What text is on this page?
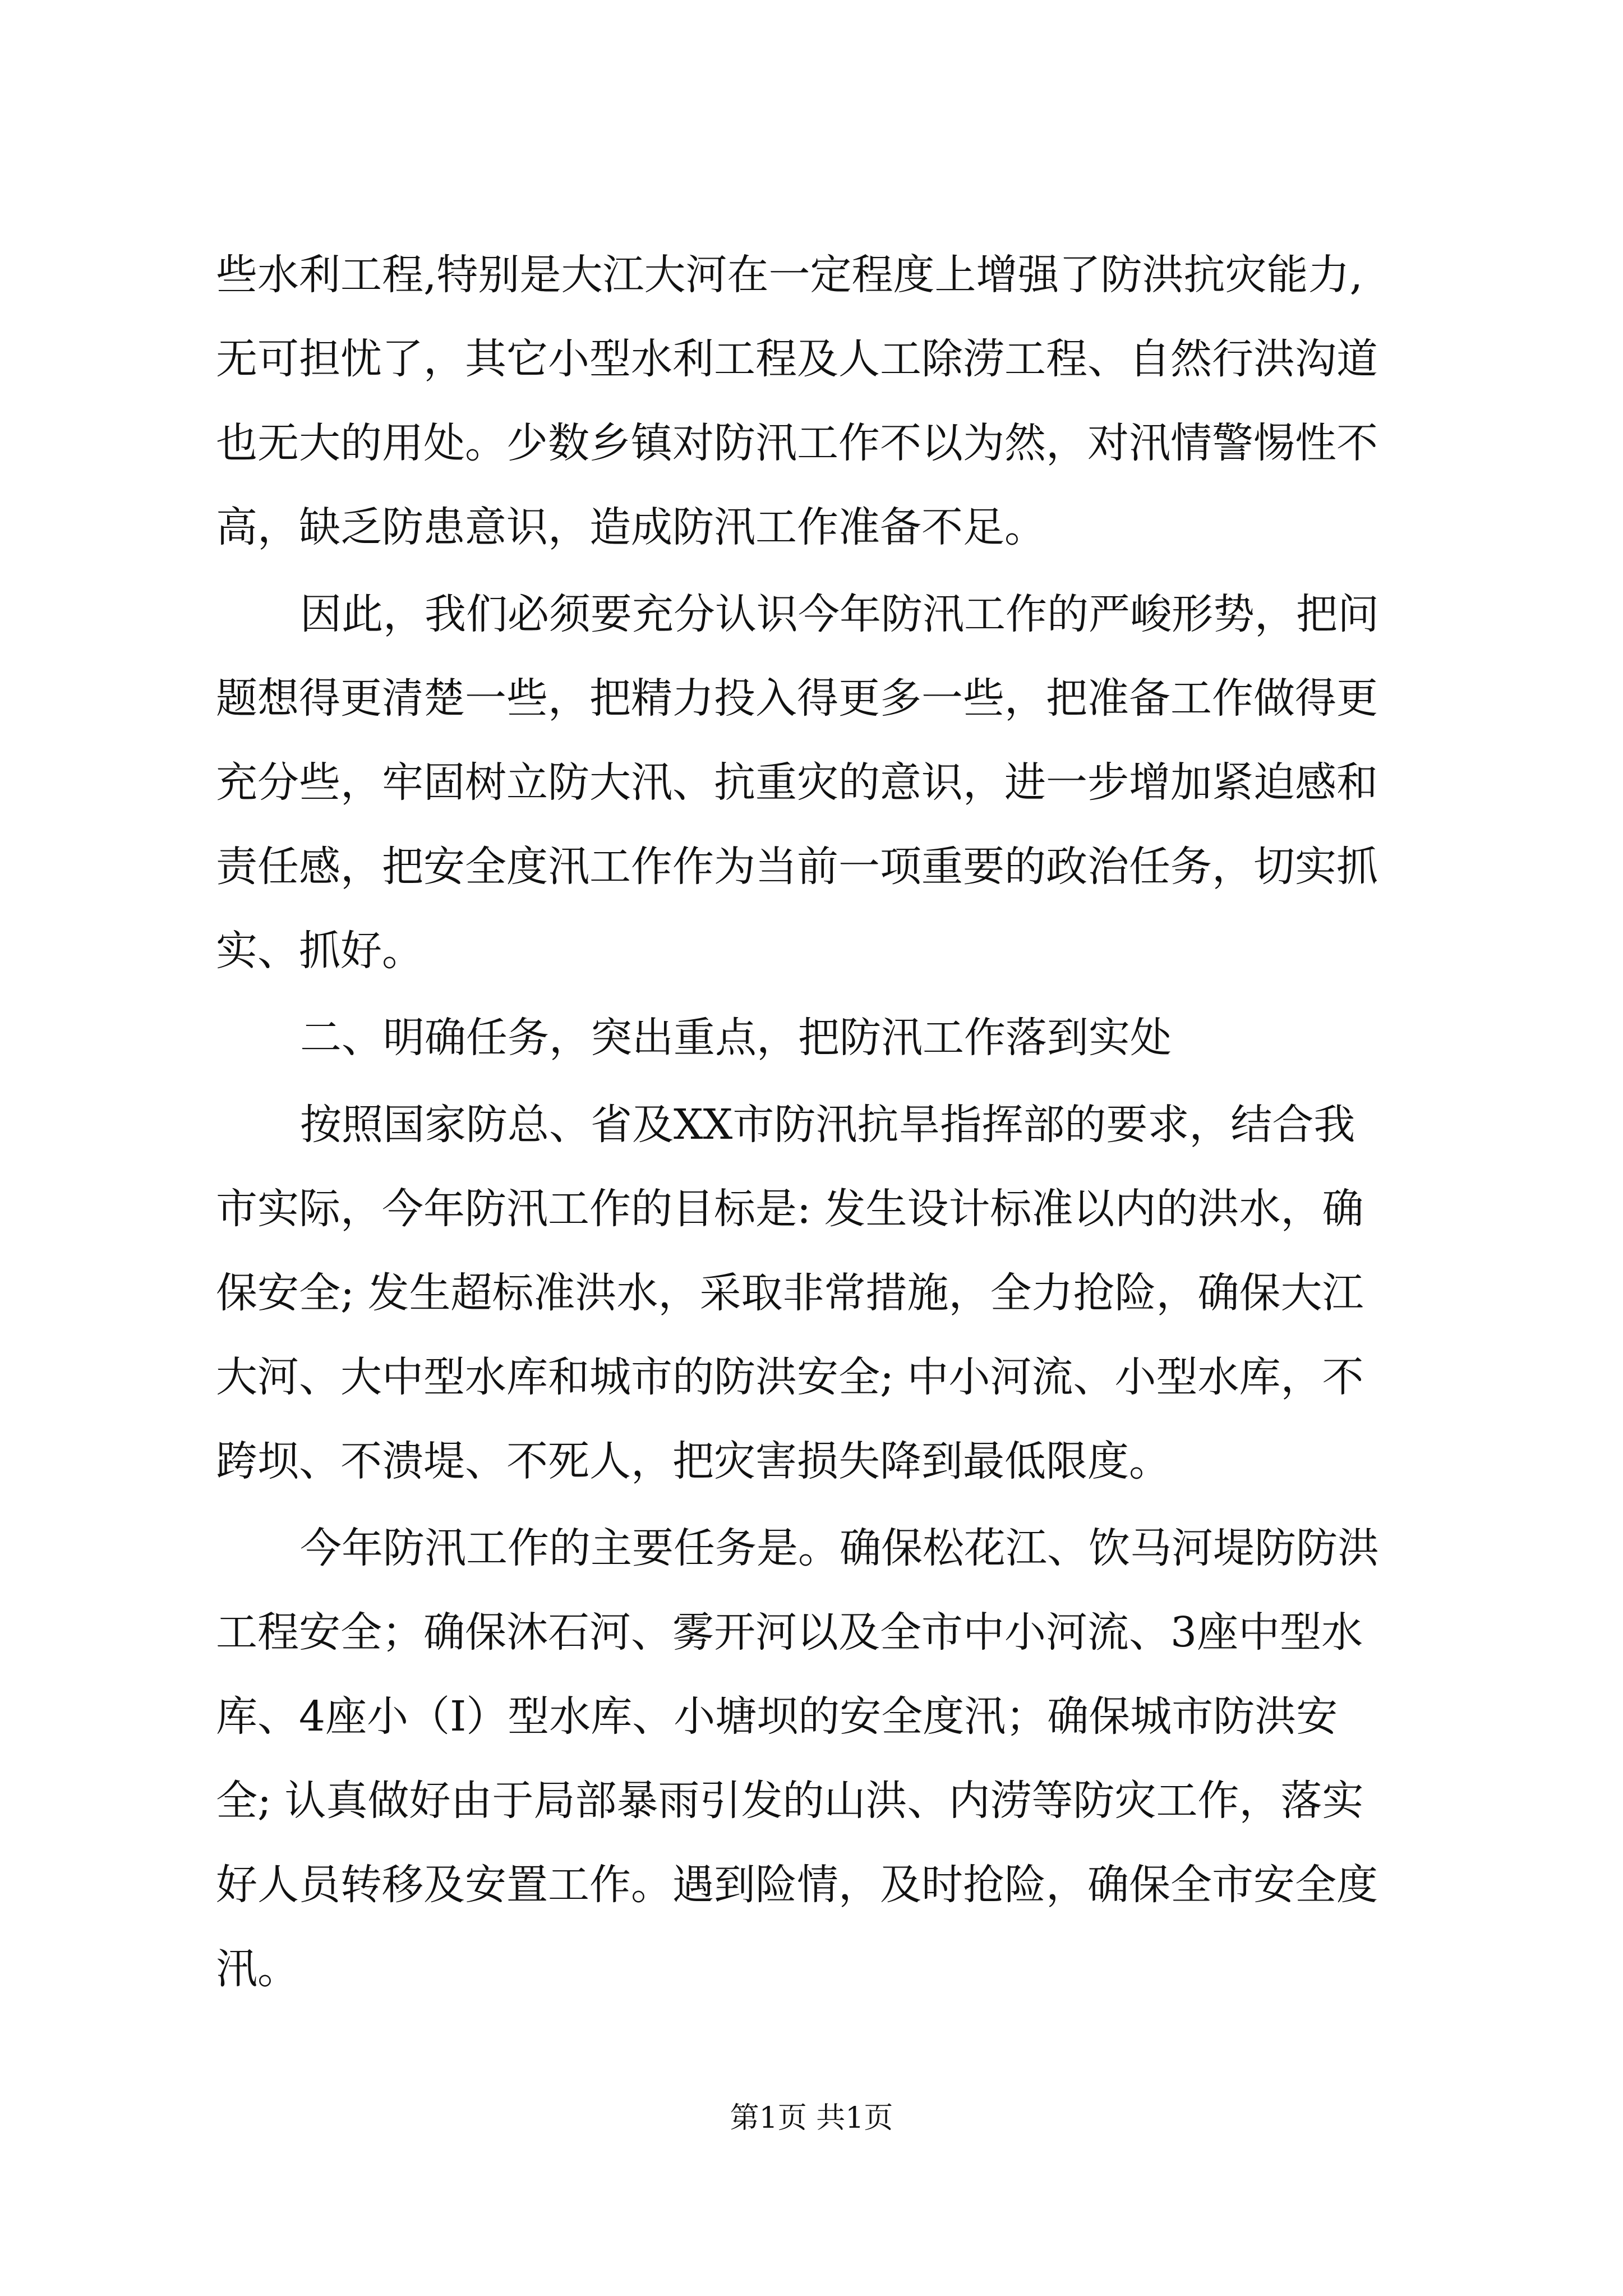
些水利工程,特别是大江大河在一定程度上增强了防洪抗灾能力,
无可担忧了，其它小型水利工程及人工除涝工程、自然行洪沟道
也无大的用处。少数乡镇对防汛工作不以为然，对汛情警惕性不
高，缺乏防患意识，造成防汛工作准备不足。
因此，我们必须要充分认识今年防汛工作的严峻形势，把问
题想得更清楚一些，把精力投入得更多一些，把准备工作做得更
充分些，牢固树立防大汛、抗重灾的意识，进一步增加紧迫感和
责任感，把安全度汛工作作为当前一项重要的政治任务，切实抓
实、抓好。
二、明确任务，突出重点，把防汛工作落到实处
按照国家防总、省及XX市防汛抗旱指挥部的要求，结合我
市实际，今年防汛工作的目标是: 发生设计标准以内的洪水，确
保安全; 发生超标准洪水，采取非常措施，全力抢险，确保大江
大河、大中型水库和城市的防洪安全; 中小河流、小型水库，不
跨坝、不溃堤、不死人，把灾害损失降到最低限度。
今年防汛工作的主要任务是。确保松花江、饮马河堤防防洪
工程安全；确保沐石河、雾开河以及全市中小河流、3座中型水
库、4座小（Ⅰ）型水库、小塘坝的安全度汛；确保城市防洪安
全; 认真做好由于局部暴雨引发的山洪、内涝等防灾工作，落实
好人员转移及安置工作。遇到险情，及时抢险，确保全市安全度
汛。
第1页 共1页
